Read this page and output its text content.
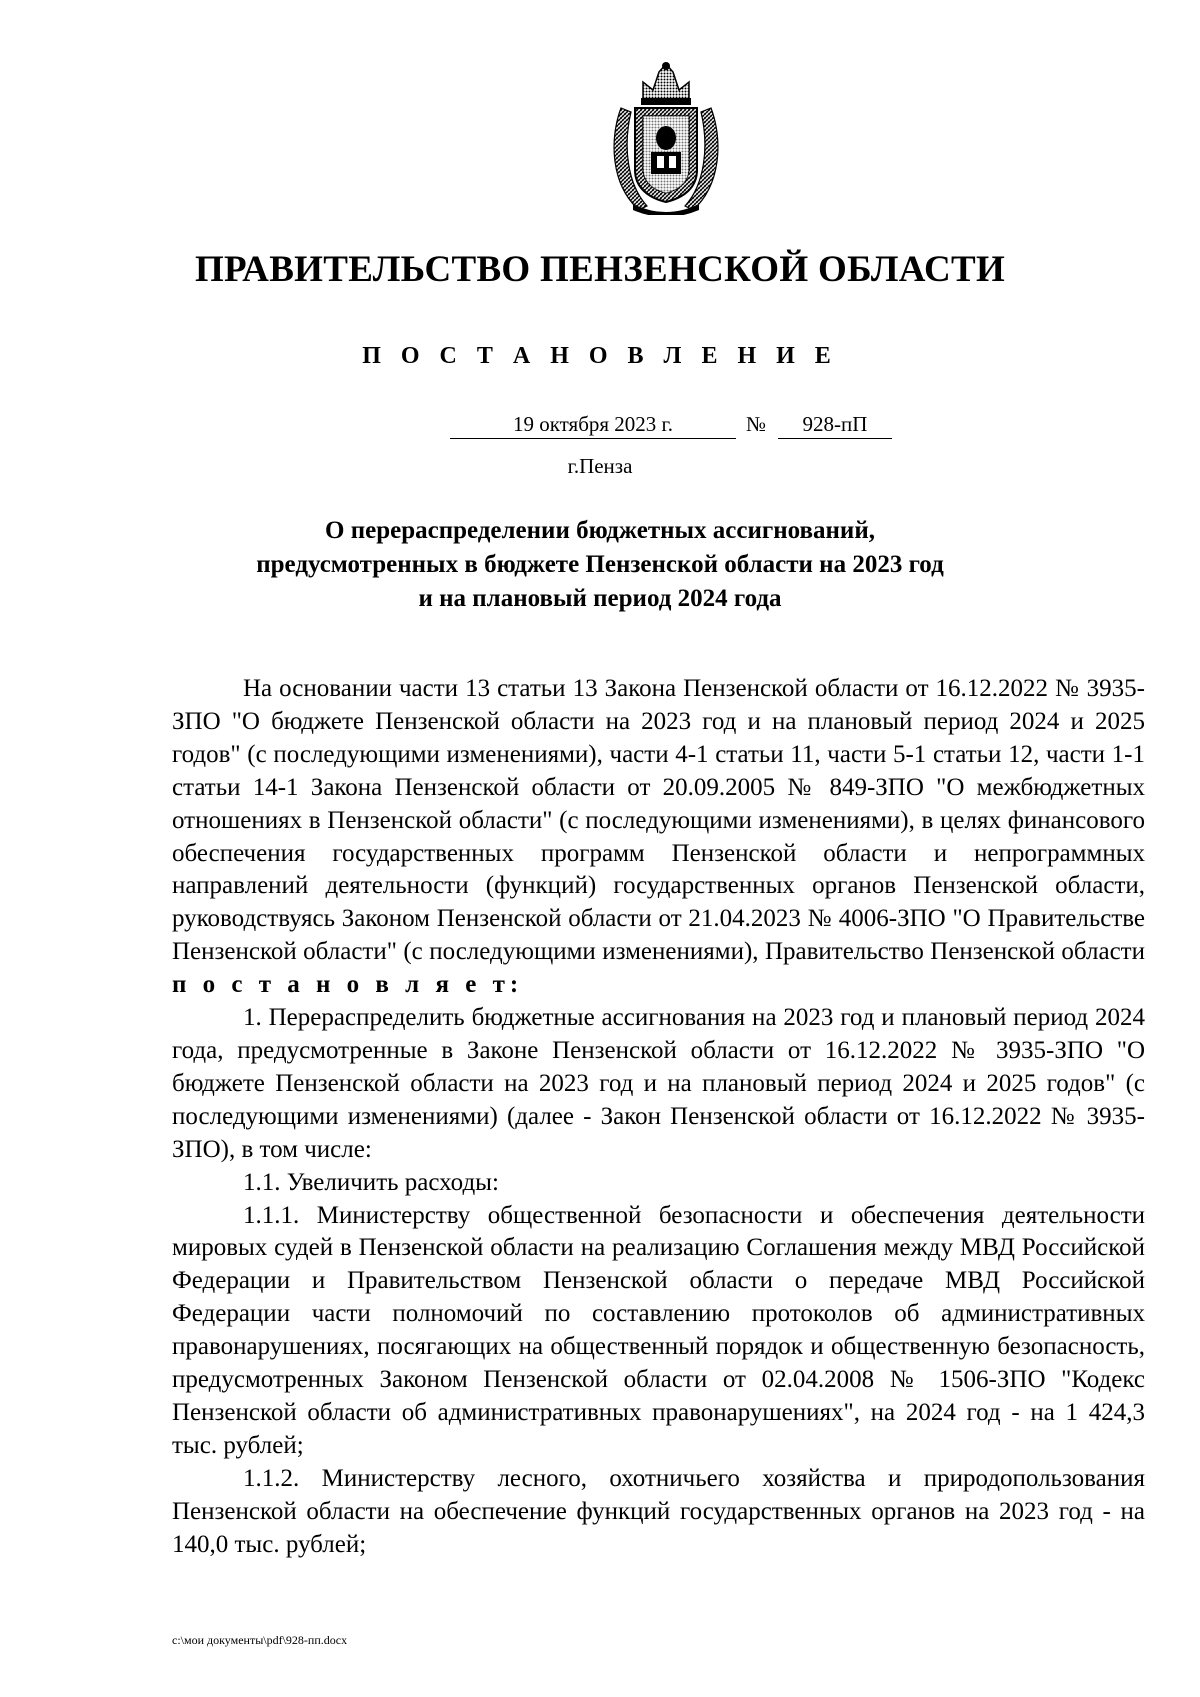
ПРАВИТЕЛЬСТВО ПЕНЗЕНСКОЙ ОБЛАСТИ
П О С Т А Н О В Л Е Н И Е
19 октября 2023 г.	№	928-пП
г.Пенза
О перераспределении бюджетных ассигнований,
предусмотренных в бюджете Пензенской области на 2023 год
и на плановый период 2024 года

На основании части 13 статьи 13 Закона Пензенской области от 16.12.2022 № 3935-ЗПО "О бюджете Пензенской области на 2023 год и на плановый период 2024 и 2025 годов" (с последующими изменениями), части 4-1 статьи 11, части 5-1 статьи 12, части 1-1 статьи 14-1 Закона Пензенской области от 20.09.2005 № 849-ЗПО "О межбюджетных отношениях в Пензенской области" (с последующими изменениями), в целях финансового обеспечения государственных программ Пензенской области и непрограммных направлений деятельности (функций) государственных органов Пензенской области, руководствуясь Законом Пензенской области от 21.04.2023 № 4006-ЗПО "О Правительстве Пензенской области" (с последующими изменениями), Правительство Пензенской области п о с т а н о в л я е т:

1. Перераспределить бюджетные ассигнования на 2023 год и плановый период 2024 года, предусмотренные в Законе Пензенской области от 16.12.2022 № 3935-ЗПО "О бюджете Пензенской области на 2023 год и на плановый период 2024 и 2025 годов" (с последующими изменениями) (далее - Закон Пензенской области от 16.12.2022 № 3935-ЗПО), в том числе:

1.1. Увеличить расходы:

1.1.1. Министерству общественной безопасности и обеспечения деятельности мировых судей в Пензенской области на реализацию Соглашения между МВД Российской Федерации и Правительством Пензенской области о передаче МВД Российской Федерации части полномочий по составлению протоколов об административных правонарушениях, посягающих на общественный порядок и общественную безопасность, предусмотренных Законом Пензенской области от 02.04.2008 № 1506-ЗПО "Кодекс Пензенской области об административных правонарушениях", на 2024 год - на 1 424,3 тыс. рублей;

1.1.2. Министерству лесного, охотничьего хозяйства и природопользования Пензенской области на обеспечение функций государственных органов на 2023 год - на 140,0 тыс. рублей;

c:\мои документы\pdf\928-пп.docx
